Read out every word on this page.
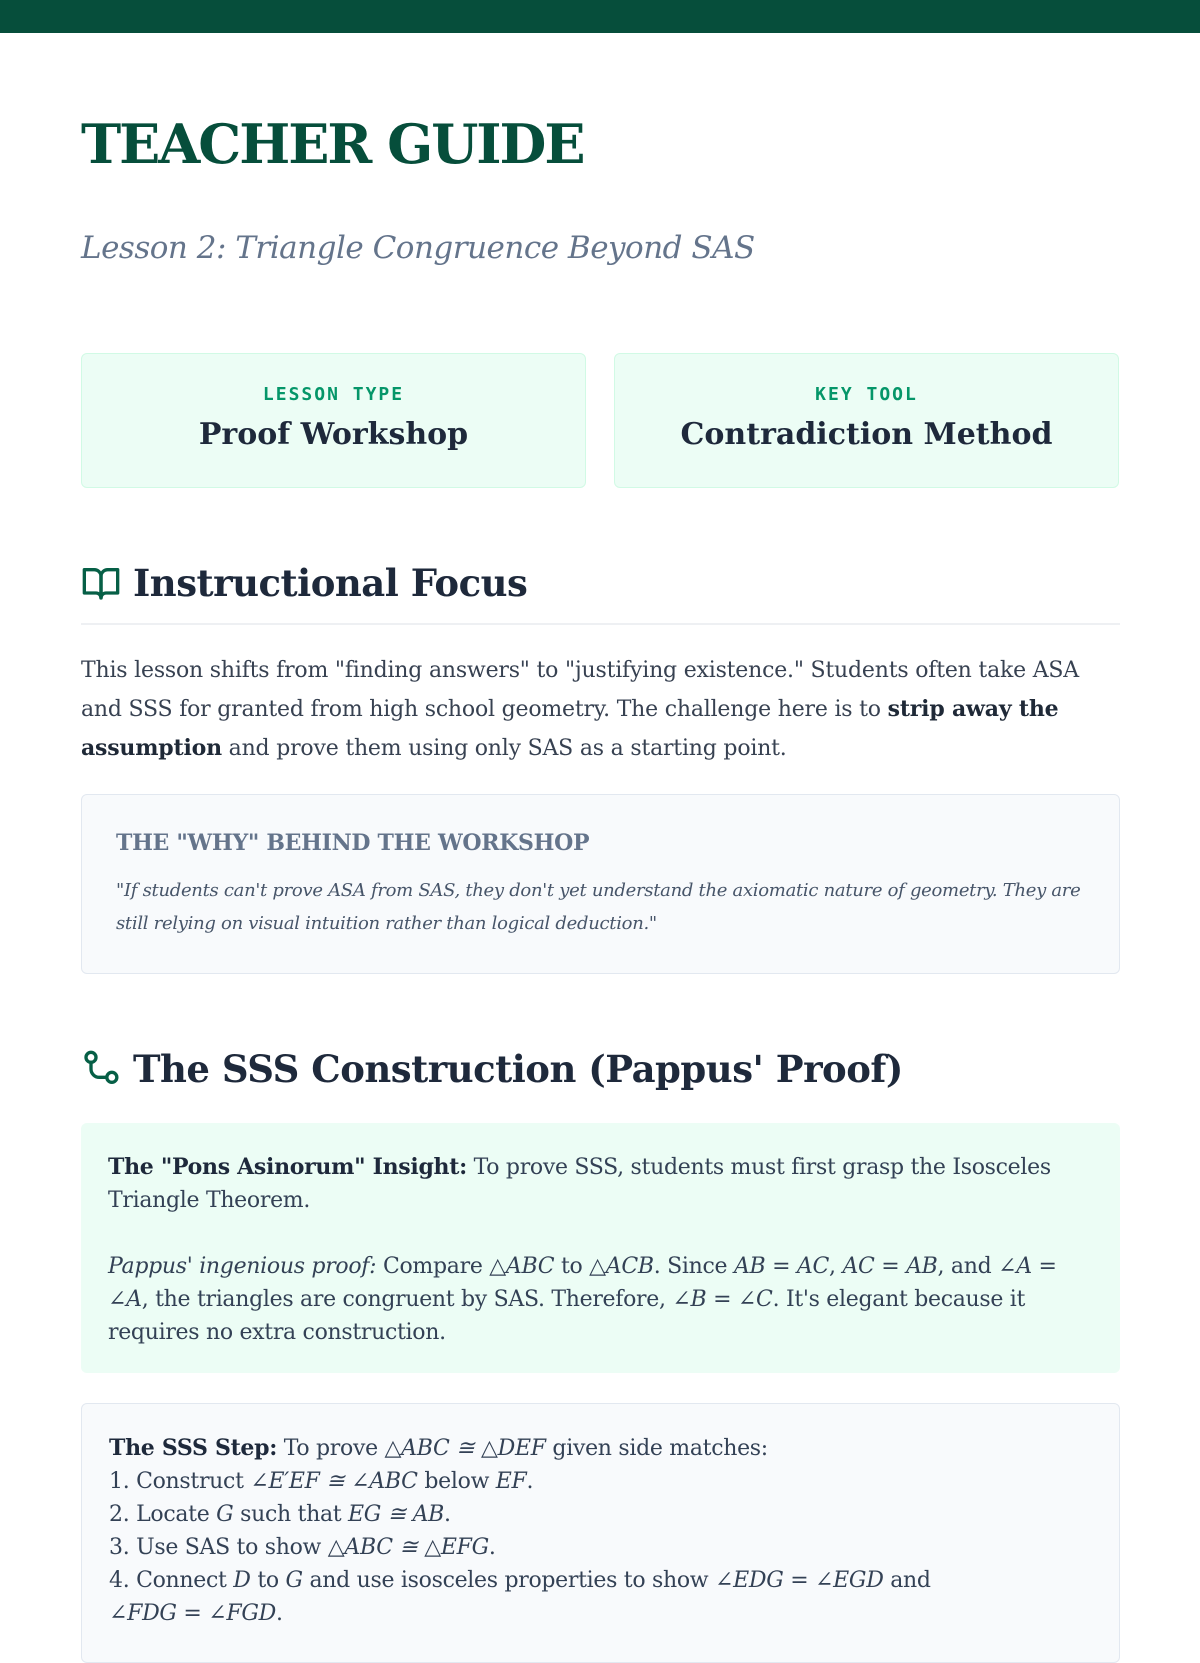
TEACHER GUIDE

Lesson 2: Triangle Congruence Beyond SAS

LESSON TYPE
Proof Workshop
KEY TOOL
Contradiction Method
Instructional Focus

This lesson shifts from "finding answers" to "justifying existence." Students often take ASA and SSS for granted from high school geometry. The challenge here is to strip away the assumption and prove them using only SAS as a starting point.

THE "WHY" BEHIND THE WORKSHOP

"If students can't prove ASA from SAS, they don't yet understand the axiomatic nature of geometry. They are still relying on visual intuition rather than logical deduction."

The SSS Construction (Pappus' Proof)

The "Pons Asinorum" Insight: To prove SSS, students must first grasp the Isosceles Triangle Theorem.

Pappus' ingenious proof: Compare △ABC to △ACB. Since AB = AC, AC = AB, and ∠A = ∠A, the triangles are congruent by SAS. Therefore, ∠B = ∠C. It's elegant because it requires no extra construction.

The SSS Step: To prove △ABC ≅ △DEF given side matches:
1. Construct ∠E′EF ≅ ∠ABC below EF.
2. Locate G such that EG ≅ AB.
3. Use SAS to show △ABC ≅ △EFG.
4. Connect D to G and use isosceles properties to show ∠EDG = ∠EGD and
∠FDG = ∠FGD.
